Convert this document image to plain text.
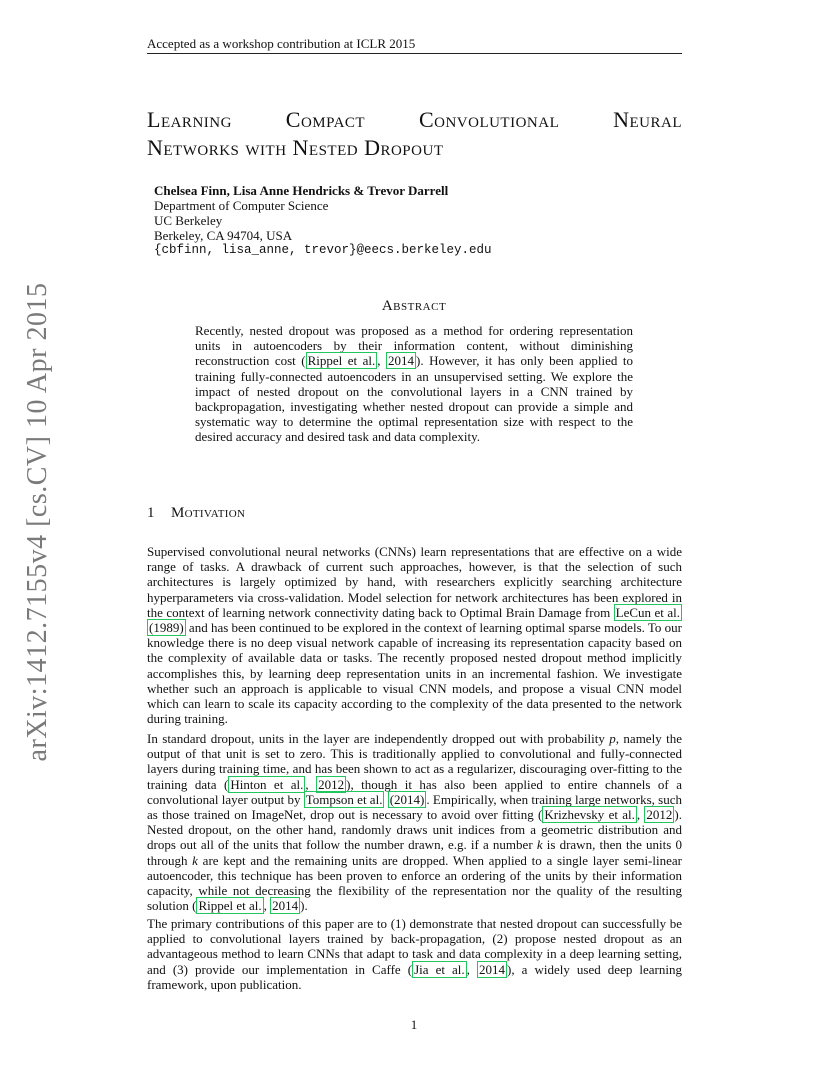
Accepted as a workshop contribution at ICLR 2015
Learning Compact Convolutional Neural
Networks with Nested Dropout
Chelsea Finn, Lisa Anne Hendricks & Trevor Darrell
Department of Computer Science
UC Berkeley
Berkeley, CA 94704, USA
{cbfinn, lisa_anne, trevor}@eecs.berkeley.edu
Abstract
Recently, nested dropout was proposed as a method for ordering representation units in autoencoders by their information content, without diminishing reconstruction cost ( Rippel et al. , 2014 ). However, it has only been applied to training fully-connected autoencoders in an unsupervised setting. We explore the impact of nested dropout on the convolutional layers in a CNN trained by backpropagation, investigating whether nested dropout can provide a simple and systematic way to determine the optimal representation size with respect to the desired accuracy and desired task and data complexity.
1 Motivation
Supervised convolutional neural networks (CNNs) learn representations that are effective on a wide range of tasks. A drawback of current such approaches, however, is that the selection of such architectures is largely optimized by hand, with researchers explicitly searching architecture hyperparameters via cross-validation. Model selection for network architectures has been explored in the context of learning network connectivity dating back to Optimal Brain Damage from LeCun et al. (1989) and has been continued to be explored in the context of learning optimal sparse models. To our knowledge there is no deep visual network capable of increasing its representation capacity based on the complexity of available data or tasks. The recently proposed nested dropout method implicitly accomplishes this, by learning deep representation units in an incremental fashion. We investigate whether such an approach is applicable to visual CNN models, and propose a visual CNN model which can learn to scale its capacity according to the complexity of the data presented to the network during training.
In standard dropout, units in the layer are independently dropped out with probability p, namely the output of that unit is set to zero. This is traditionally applied to convolutional and fully-connected layers during training time, and has been shown to act as a regularizer, discouraging over-fitting to the training data ( Hinton et al. , 2012 ), though it has also been applied to entire channels of a convolutional layer output by Tompson et al. (2014) . Empirically, when training large networks, such as those trained on ImageNet, drop out is necessary to avoid over fitting ( Krizhevsky et al. , 2012 ). Nested dropout, on the other hand, randomly draws unit indices from a geometric distribution and drops out all of the units that follow the number drawn, e.g. if a number k is drawn, then the units 0 through k are kept and the remaining units are dropped. When applied to a single layer semi-linear autoencoder, this technique has been proven to enforce an ordering of the units by their information capacity, while not decreasing the flexibility of the representation nor the quality of the resulting solution ( Rippel et al. , 2014 ).
The primary contributions of this paper are to (1) demonstrate that nested dropout can successfully be applied to convolutional layers trained by back-propagation, (2) propose nested dropout as an advantageous method to learn CNNs that adapt to task and data complexity in a deep learning setting, and (3) provide our implementation in Caffe ( Jia et al. , 2014 ), a widely used deep learning framework, upon publication.
1
arXiv:1412.7155v4 [cs.CV] 10 Apr 2015
